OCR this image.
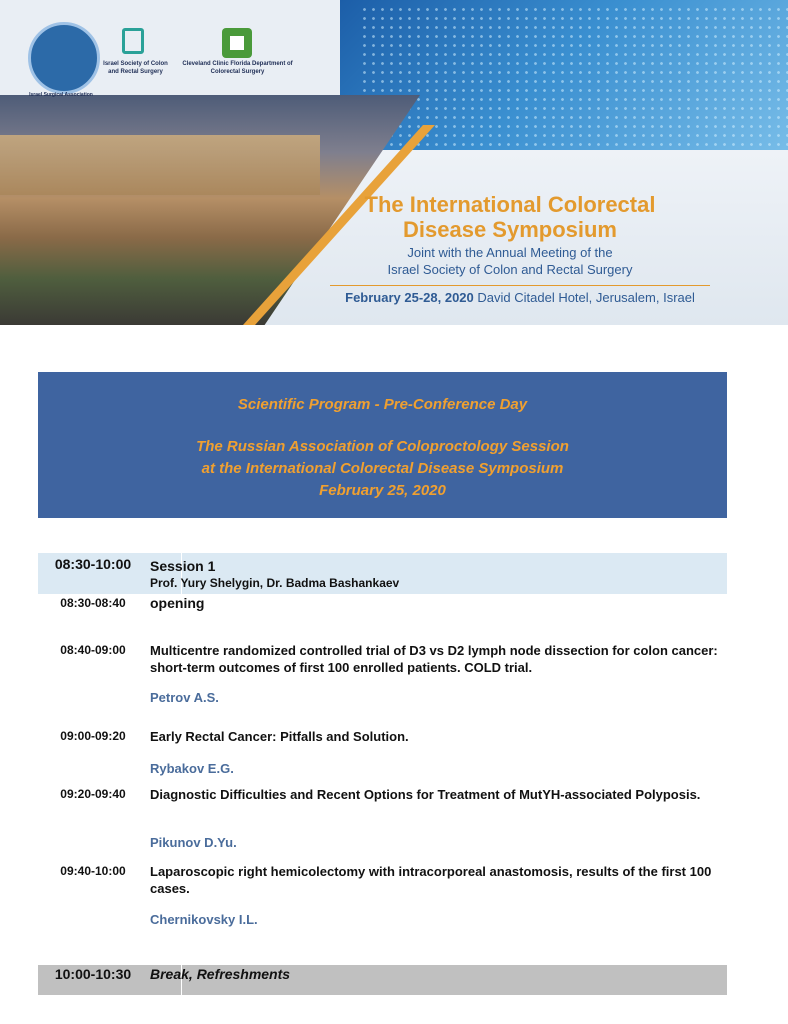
Israel Society of Colon and Rectal Surgery
Cleveland Clinic Florida Department of Colorectal Surgery
Israel Surgical Association
The International Colorectal
Disease Symposium
Joint with the Annual Meeting of the
Israel Society of Colon and Rectal Surgery
February 25-28, 2020 David Citadel Hotel, Jerusalem, Israel
Scientific Program - Pre-Conference Day
The Russian Association of Coloproctology Session
at the International Colorectal Disease Symposium
February 25, 2020
08:30-10:00	Session 1
Prof. Yury Shelygin, Dr. Badma Bashankaev
08:30-08:40	opening
08:40-09:00	Multicentre randomized controlled trial of D3 vs D2 lymph node dissection for colon cancer: short-term outcomes of first 100 enrolled patients. COLD trial.
Petrov A.S.
09:00-09:20	Early Rectal Cancer: Pitfalls and Solution.
Rybakov E.G.
09:20-09:40	Diagnostic Difficulties and Recent Options for Treatment of MutYH-associated Polyposis.
Pikunov D.Yu.
09:40-10:00	Laparoscopic right hemicolectomy with intracorporeal anastomosis, results of the first 100 cases.
Chernikovsky I.L.
10:00-10:30	Break, Refreshments
